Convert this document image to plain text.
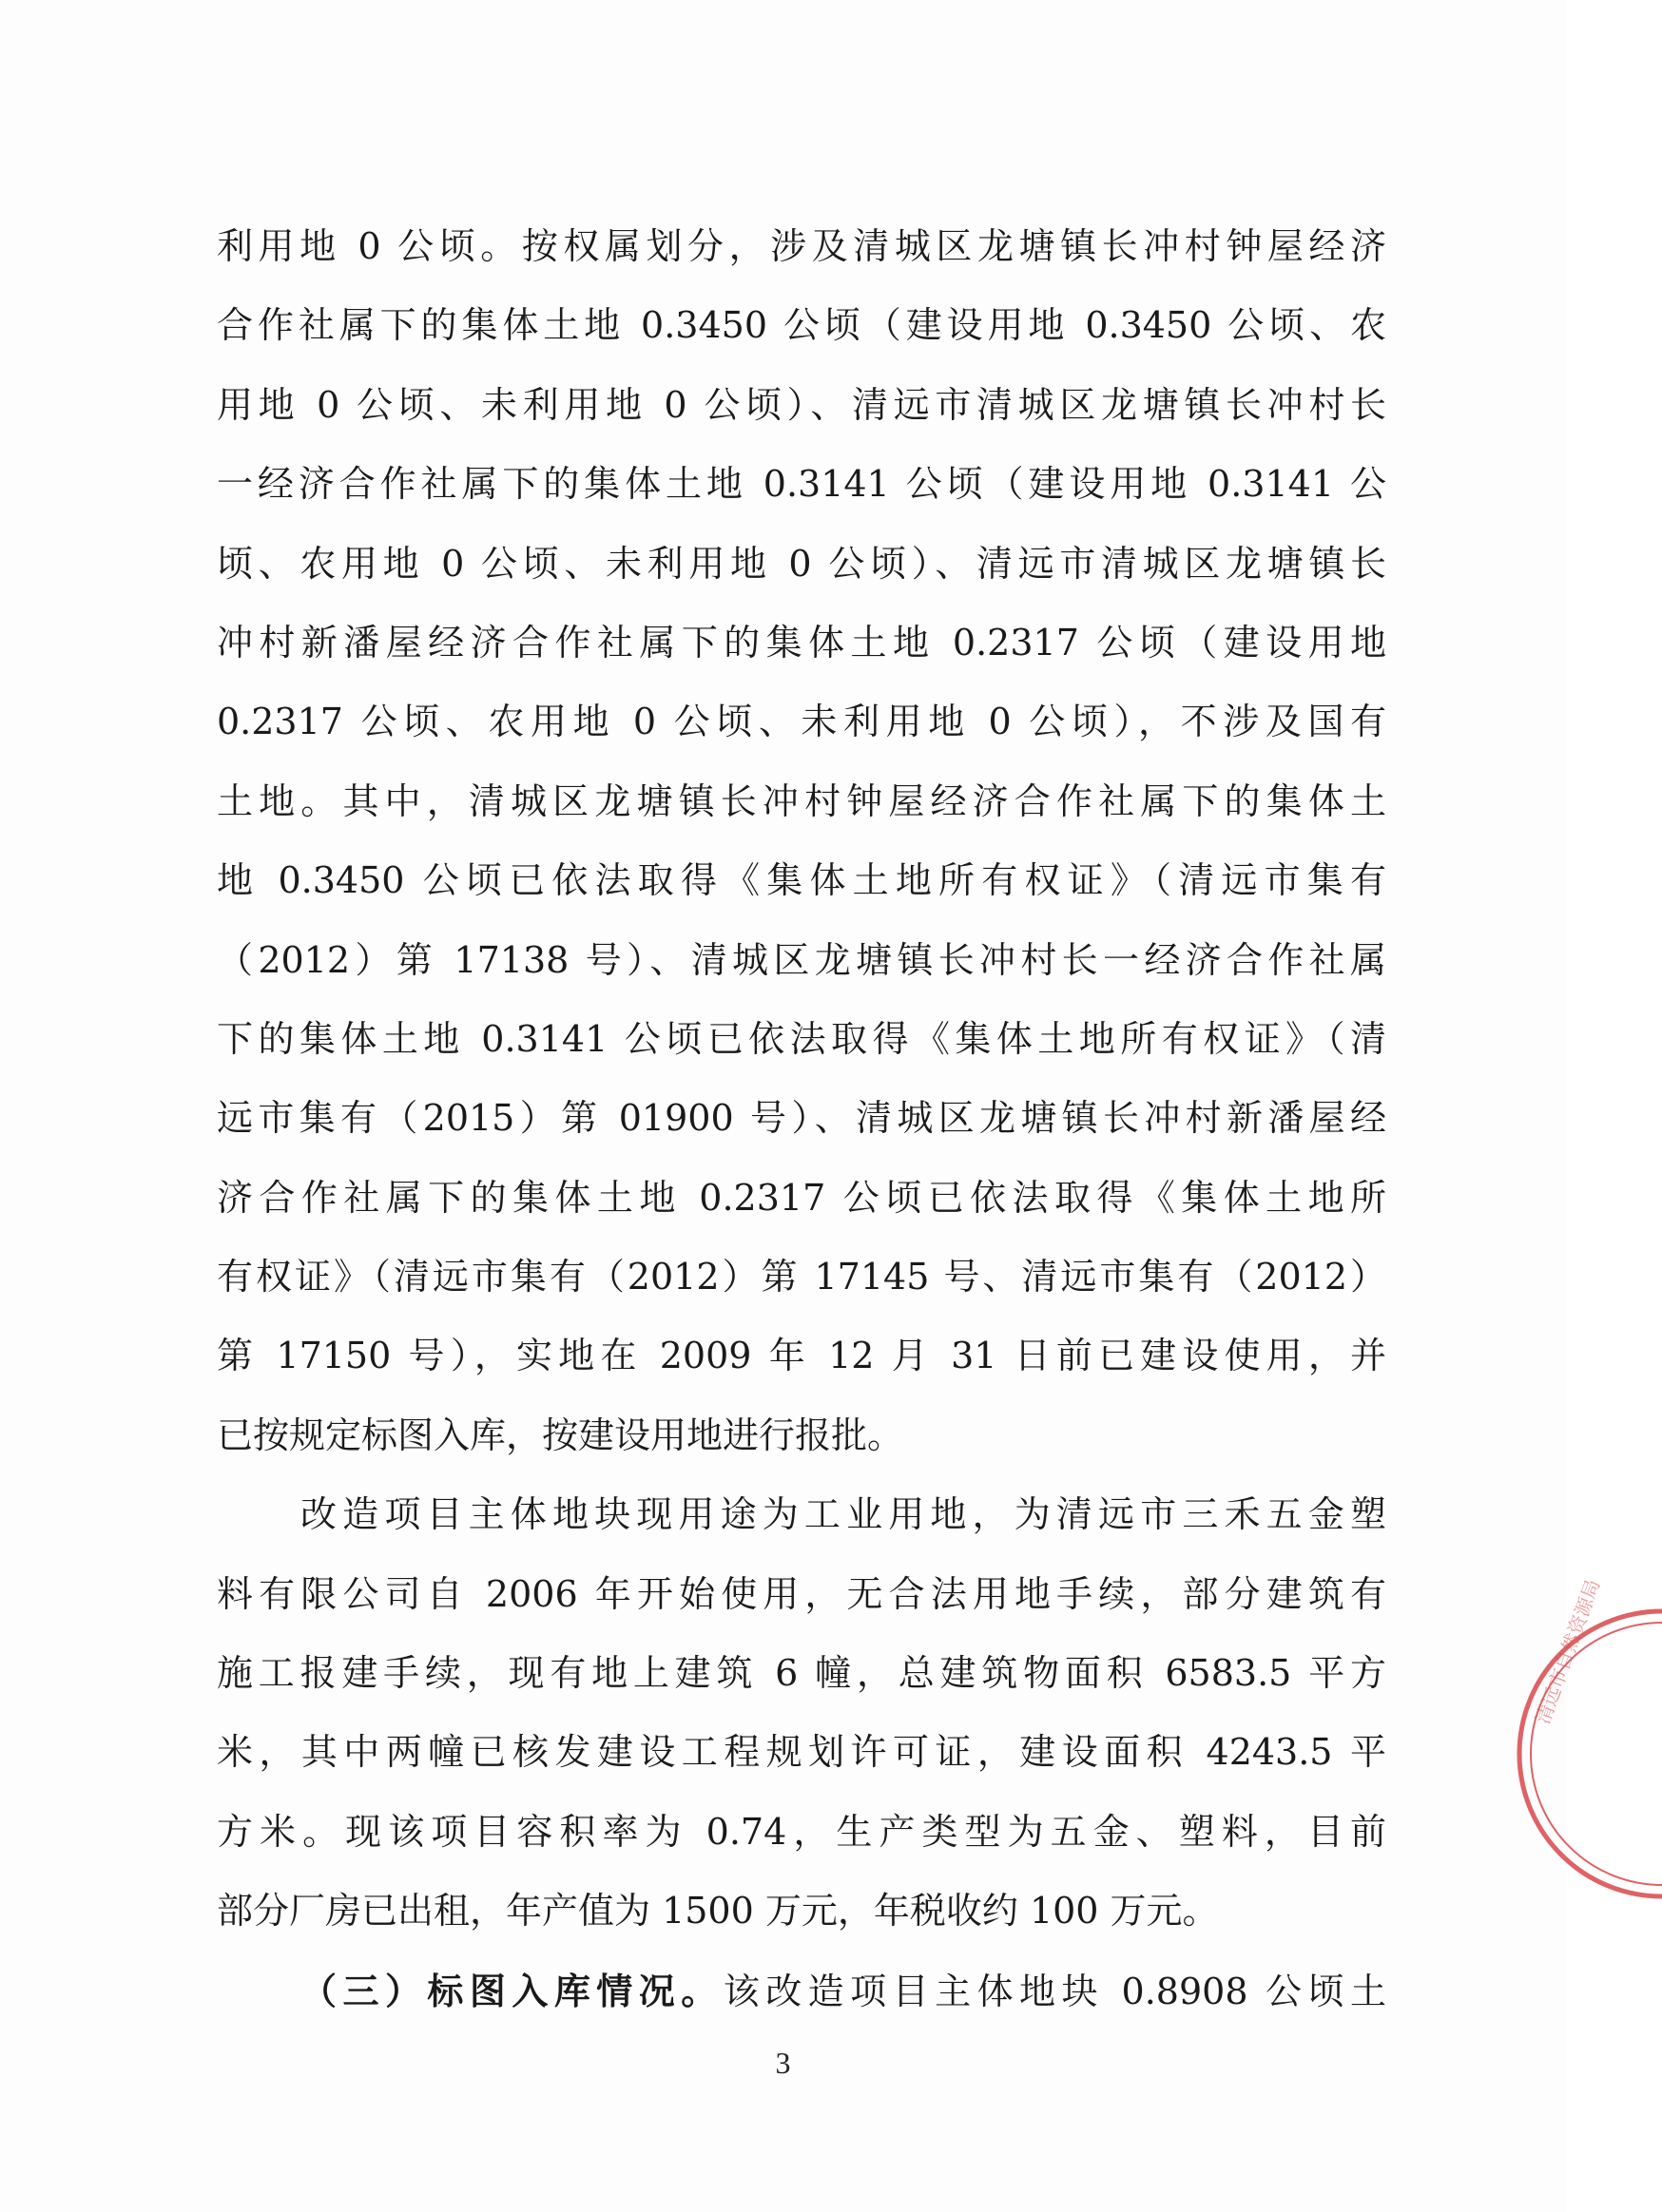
利用地 0 公顷。按权属划分，涉及清城区龙塘镇长冲村钟屋经济
合作社属下的集体土地 0.3450 公顷（建设用地 0.3450 公顷、农
用地 0 公顷、未利用地 0 公顷）、清远市清城区龙塘镇长冲村长
一经济合作社属下的集体土地 0.3141 公顷（建设用地 0.3141 公
顷、农用地 0 公顷、未利用地 0 公顷）、清远市清城区龙塘镇长
冲村新潘屋经济合作社属下的集体土地 0.2317 公顷（建设用地
0.2317 公顷、农用地 0 公顷、未利用地 0 公顷），不涉及国有
土地。其中，清城区龙塘镇长冲村钟屋经济合作社属下的集体土
地 0.3450 公顷已依法取得《集体土地所有权证》（清远市集有
（2012）第 17138 号）、清城区龙塘镇长冲村长一经济合作社属
下的集体土地 0.3141 公顷已依法取得《集体土地所有权证》（清
远市集有（2015）第 01900 号）、清城区龙塘镇长冲村新潘屋经
济合作社属下的集体土地 0.2317 公顷已依法取得《集体土地所
有权证》（清远市集有（2012）第 17145 号、清远市集有（2012）
第 17150 号），实地在 2009 年 12 月 31 日前已建设使用，并
已按规定标图入库，按建设用地进行报批。
改造项目主体地块现用途为工业用地，为清远市三禾五金塑
料有限公司自 2006 年开始使用，无合法用地手续，部分建筑有
施工报建手续，现有地上建筑 6 幢，总建筑物面积 6583.5 平方
米，其中两幢已核发建设工程规划许可证，建设面积 4243.5 平
方米。现该项目容积率为 0.74，生产类型为五金、塑料，目前
部分厂房已出租，年产值为 1500 万元，年税收约 100 万元。
（三）标图入库情况。该改造项目主体地块 0.8908 公顷土
3
清远市自然资源局
